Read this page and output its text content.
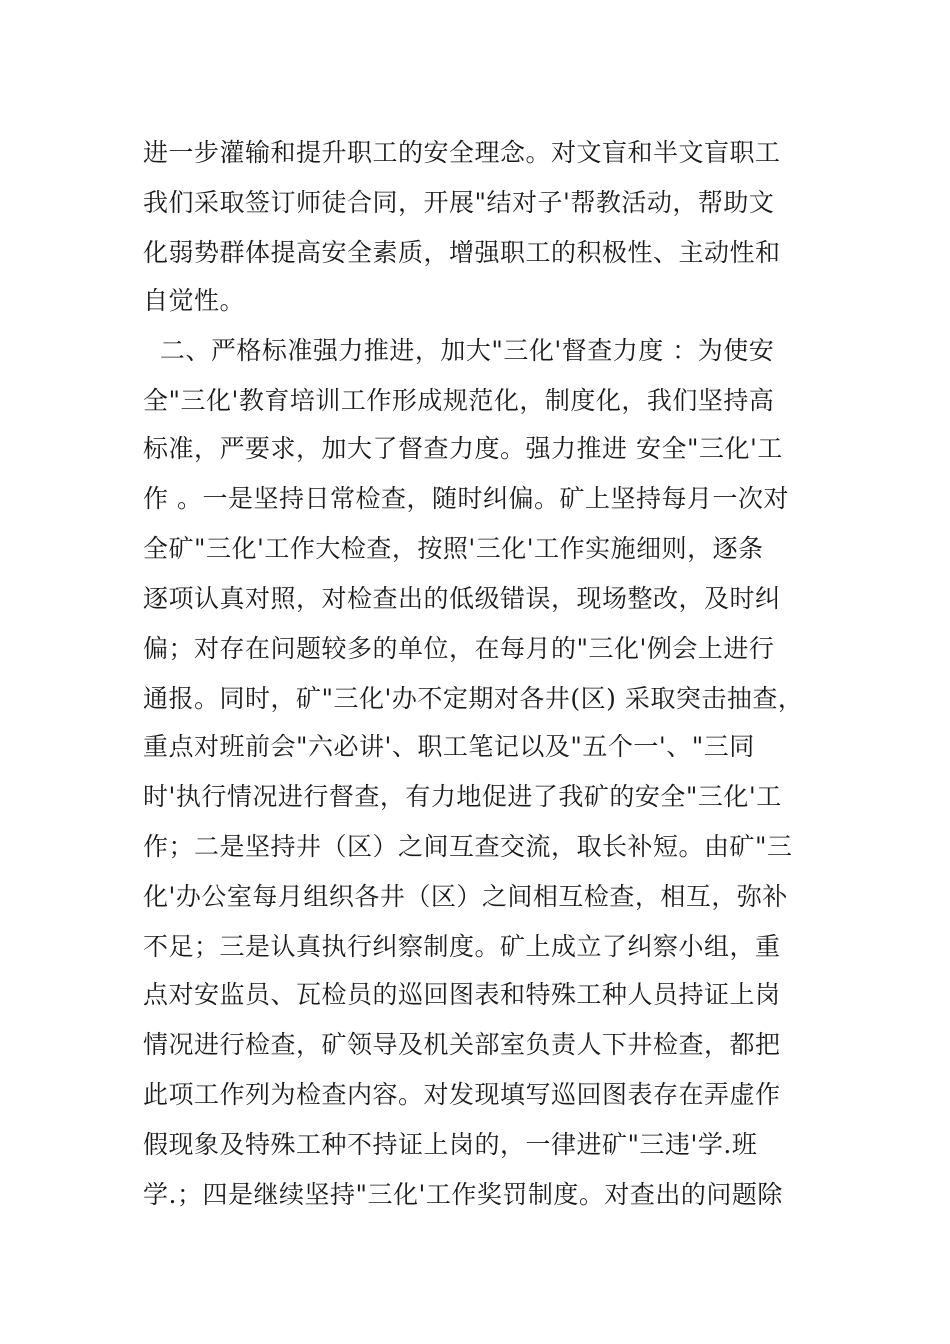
进一步灌输和提升职工的安全理念。对文盲和半文盲职工
我们采取签订师徒合同，开展"结对子'帮教活动，帮助文
化弱势群体提高安全素质，增强职工的积极性、主动性和
自觉性。
二、严格标准强力推进，加大"三化'督查力度 ：为使安
全"三化'教育培训工作形成规范化，制度化，我们坚持高
标准，严要求，加大了督查力度。强力推进 安全"三化'工
作 。一是坚持日常检查，随时纠偏。矿上坚持每月一次对
全矿"三化'工作大检查，按照'三化'工作实施细则，逐条
逐项认真对照，对检查出的低级错误，现场整改，及时纠
偏；对存在问题较多的单位，在每月的"三化'例会上进行
通报。同时，矿"三化'办不定期对各井(区) 采取突击抽查，
重点对班前会"六必讲'、职工笔记以及"五个一'、"三同
时'执行情况进行督查，有力地促进了我矿的安全"三化'工
作；二是坚持井（区）之间互查交流，取长补短。由矿"三
化'办公室每月组织各井（区）之间相互检查，相互，弥补
不足；三是认真执行纠察制度。矿上成立了纠察小组，重
点对安监员、瓦检员的巡回图表和特殊工种人员持证上岗
情况进行检查，矿领导及机关部室负责人下井检查，都把
此项工作列为检查内容。对发现填写巡回图表存在弄虚作
假现象及特殊工种不持证上岗的，一律进矿"三违'学.班
学.；四是继续坚持"三化'工作奖罚制度。对查出的问题除
